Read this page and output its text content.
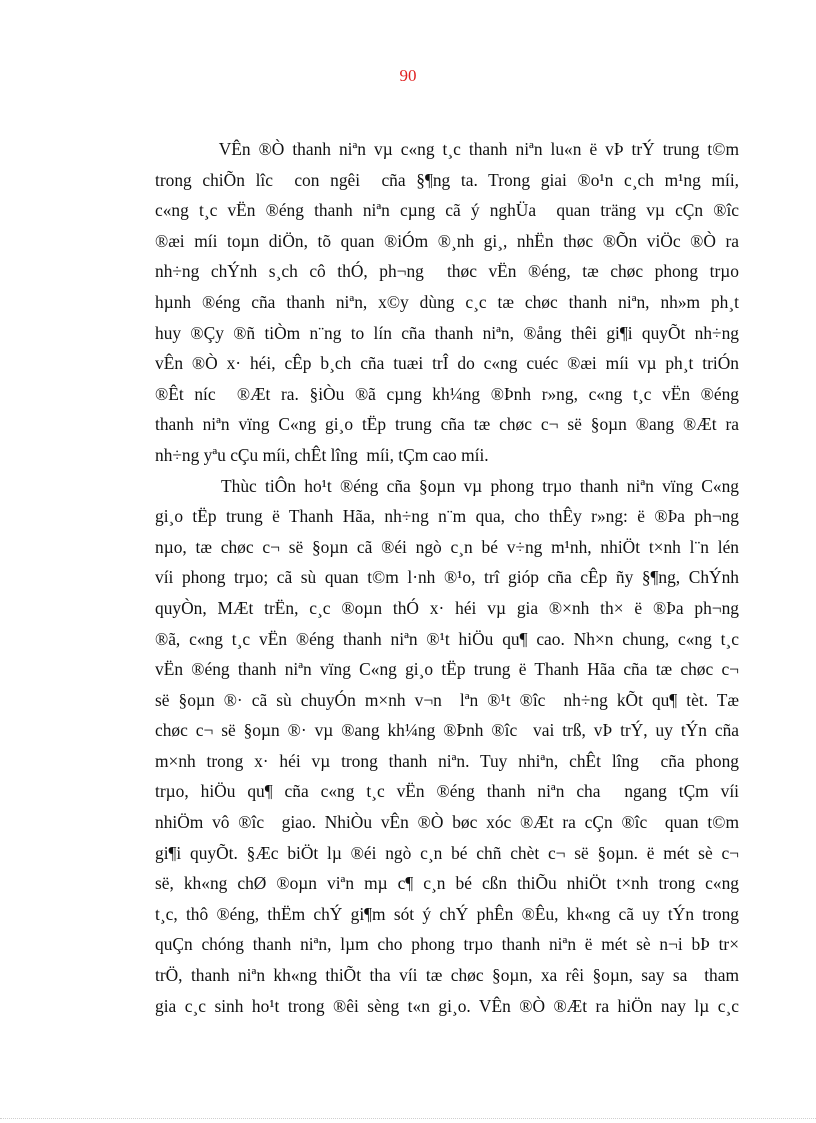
90
VÊn ®Ò thanh niªn vµ c«ng t¸c thanh niªn lu«n ë vÞ trÝ trung t©m
trong chiÕn lîc  con ngêi  cña §¶ng ta. Trong giai ®o¹n c¸ch m¹ng míi,
c«ng t¸c vËn ®éng thanh niªn cµng cã ý nghÜa  quan träng vµ cÇn ®îc
®æi míi toµn diÖn, tõ quan ®iÓm ®¸nh gi¸, nhËn thøc ®Õn viÖc ®Ò ra
nh÷ng chÝnh s¸ch cô thÓ, ph¬ng  thøc vËn ®éng, tæ chøc phong trµo
hµnh ®éng cña thanh niªn, x©y dùng c¸c tæ chøc thanh niªn, nh»m ph¸t
huy ®Çy ®ñ tiÒm n¨ng to lín cña thanh niªn, ®ång thêi gi¶i quyÕt nh÷ng
vÊn ®Ò x· héi, cÊp b¸ch cña tuæi trÎ do c«ng cuéc ®æi míi vµ ph¸t triÓn
®Êt níc  ®Æt ra. §iÒu ®ã cµng kh¼ng ®Þnh r»ng, c«ng t¸c vËn ®éng
thanh niªn vïng C«ng gi¸o tËp trung cña tæ chøc c¬ së §oµn ®ang ®Æt ra
nh÷ng yªu cÇu míi, chÊt lîng  míi, tÇm cao míi.
Thùc tiÔn ho¹t ®éng cña §oµn vµ phong trµo thanh niªn vïng C«ng
gi¸o tËp trung ë Thanh Hãa, nh÷ng n¨m qua, cho thÊy r»ng: ë ®Þa ph¬ng
nµo, tæ chøc c¬ së §oµn cã ®éi ngò c¸n bé v÷ng m¹nh, nhiÖt t×nh l¨n lén
víi phong trµo; cã sù quan t©m l·nh ®¹o, trî gióp cña cÊp ñy §¶ng, ChÝnh
quyÒn, MÆt trËn, c¸c ®oµn thÓ x· héi vµ gia ®×nh th× ë ®Þa ph¬ng
®ã, c«ng t¸c vËn ®éng thanh niªn ®¹t hiÖu qu¶ cao. Nh×n chung, c«ng t¸c
vËn ®éng thanh niªn vïng C«ng gi¸o tËp trung ë Thanh Hãa cña tæ chøc c¬
së §oµn ®· cã sù chuyÓn m×nh v¬n  lªn ®¹t ®îc  nh÷ng kÕt qu¶ tèt. Tæ
chøc c¬ së §oµn ®· vµ ®ang kh¼ng ®Þnh ®îc  vai trß, vÞ trÝ, uy tÝn cña
m×nh trong x· héi vµ trong thanh niªn. Tuy nhiªn, chÊt lîng  cña phong
trµo, hiÖu qu¶ cña c«ng t¸c vËn ®éng thanh niªn cha  ngang tÇm víi
nhiÖm vô ®îc  giao. NhiÒu vÊn ®Ò bøc xóc ®Æt ra cÇn ®îc  quan t©m
gi¶i quyÕt. §Æc biÖt lµ ®éi ngò c¸n bé chñ chèt c¬ së §oµn. ë mét sè c¬
së, kh«ng chØ ®oµn viªn mµ c¶ c¸n bé cßn thiÕu nhiÖt t×nh trong c«ng
t¸c, thô ®éng, thËm chÝ gi¶m sót ý chÝ phÊn ®Êu, kh«ng cã uy tÝn trong
quÇn chóng thanh niªn, lµm cho phong trµo thanh niªn ë mét sè n¬i bÞ tr×
trÖ, thanh niªn kh«ng thiÕt tha víi tæ chøc §oµn, xa rêi §oµn, say sa  tham
gia c¸c sinh ho¹t trong ®êi sèng t«n gi¸o. VÊn ®Ò ®Æt ra hiÖn nay lµ c¸c
